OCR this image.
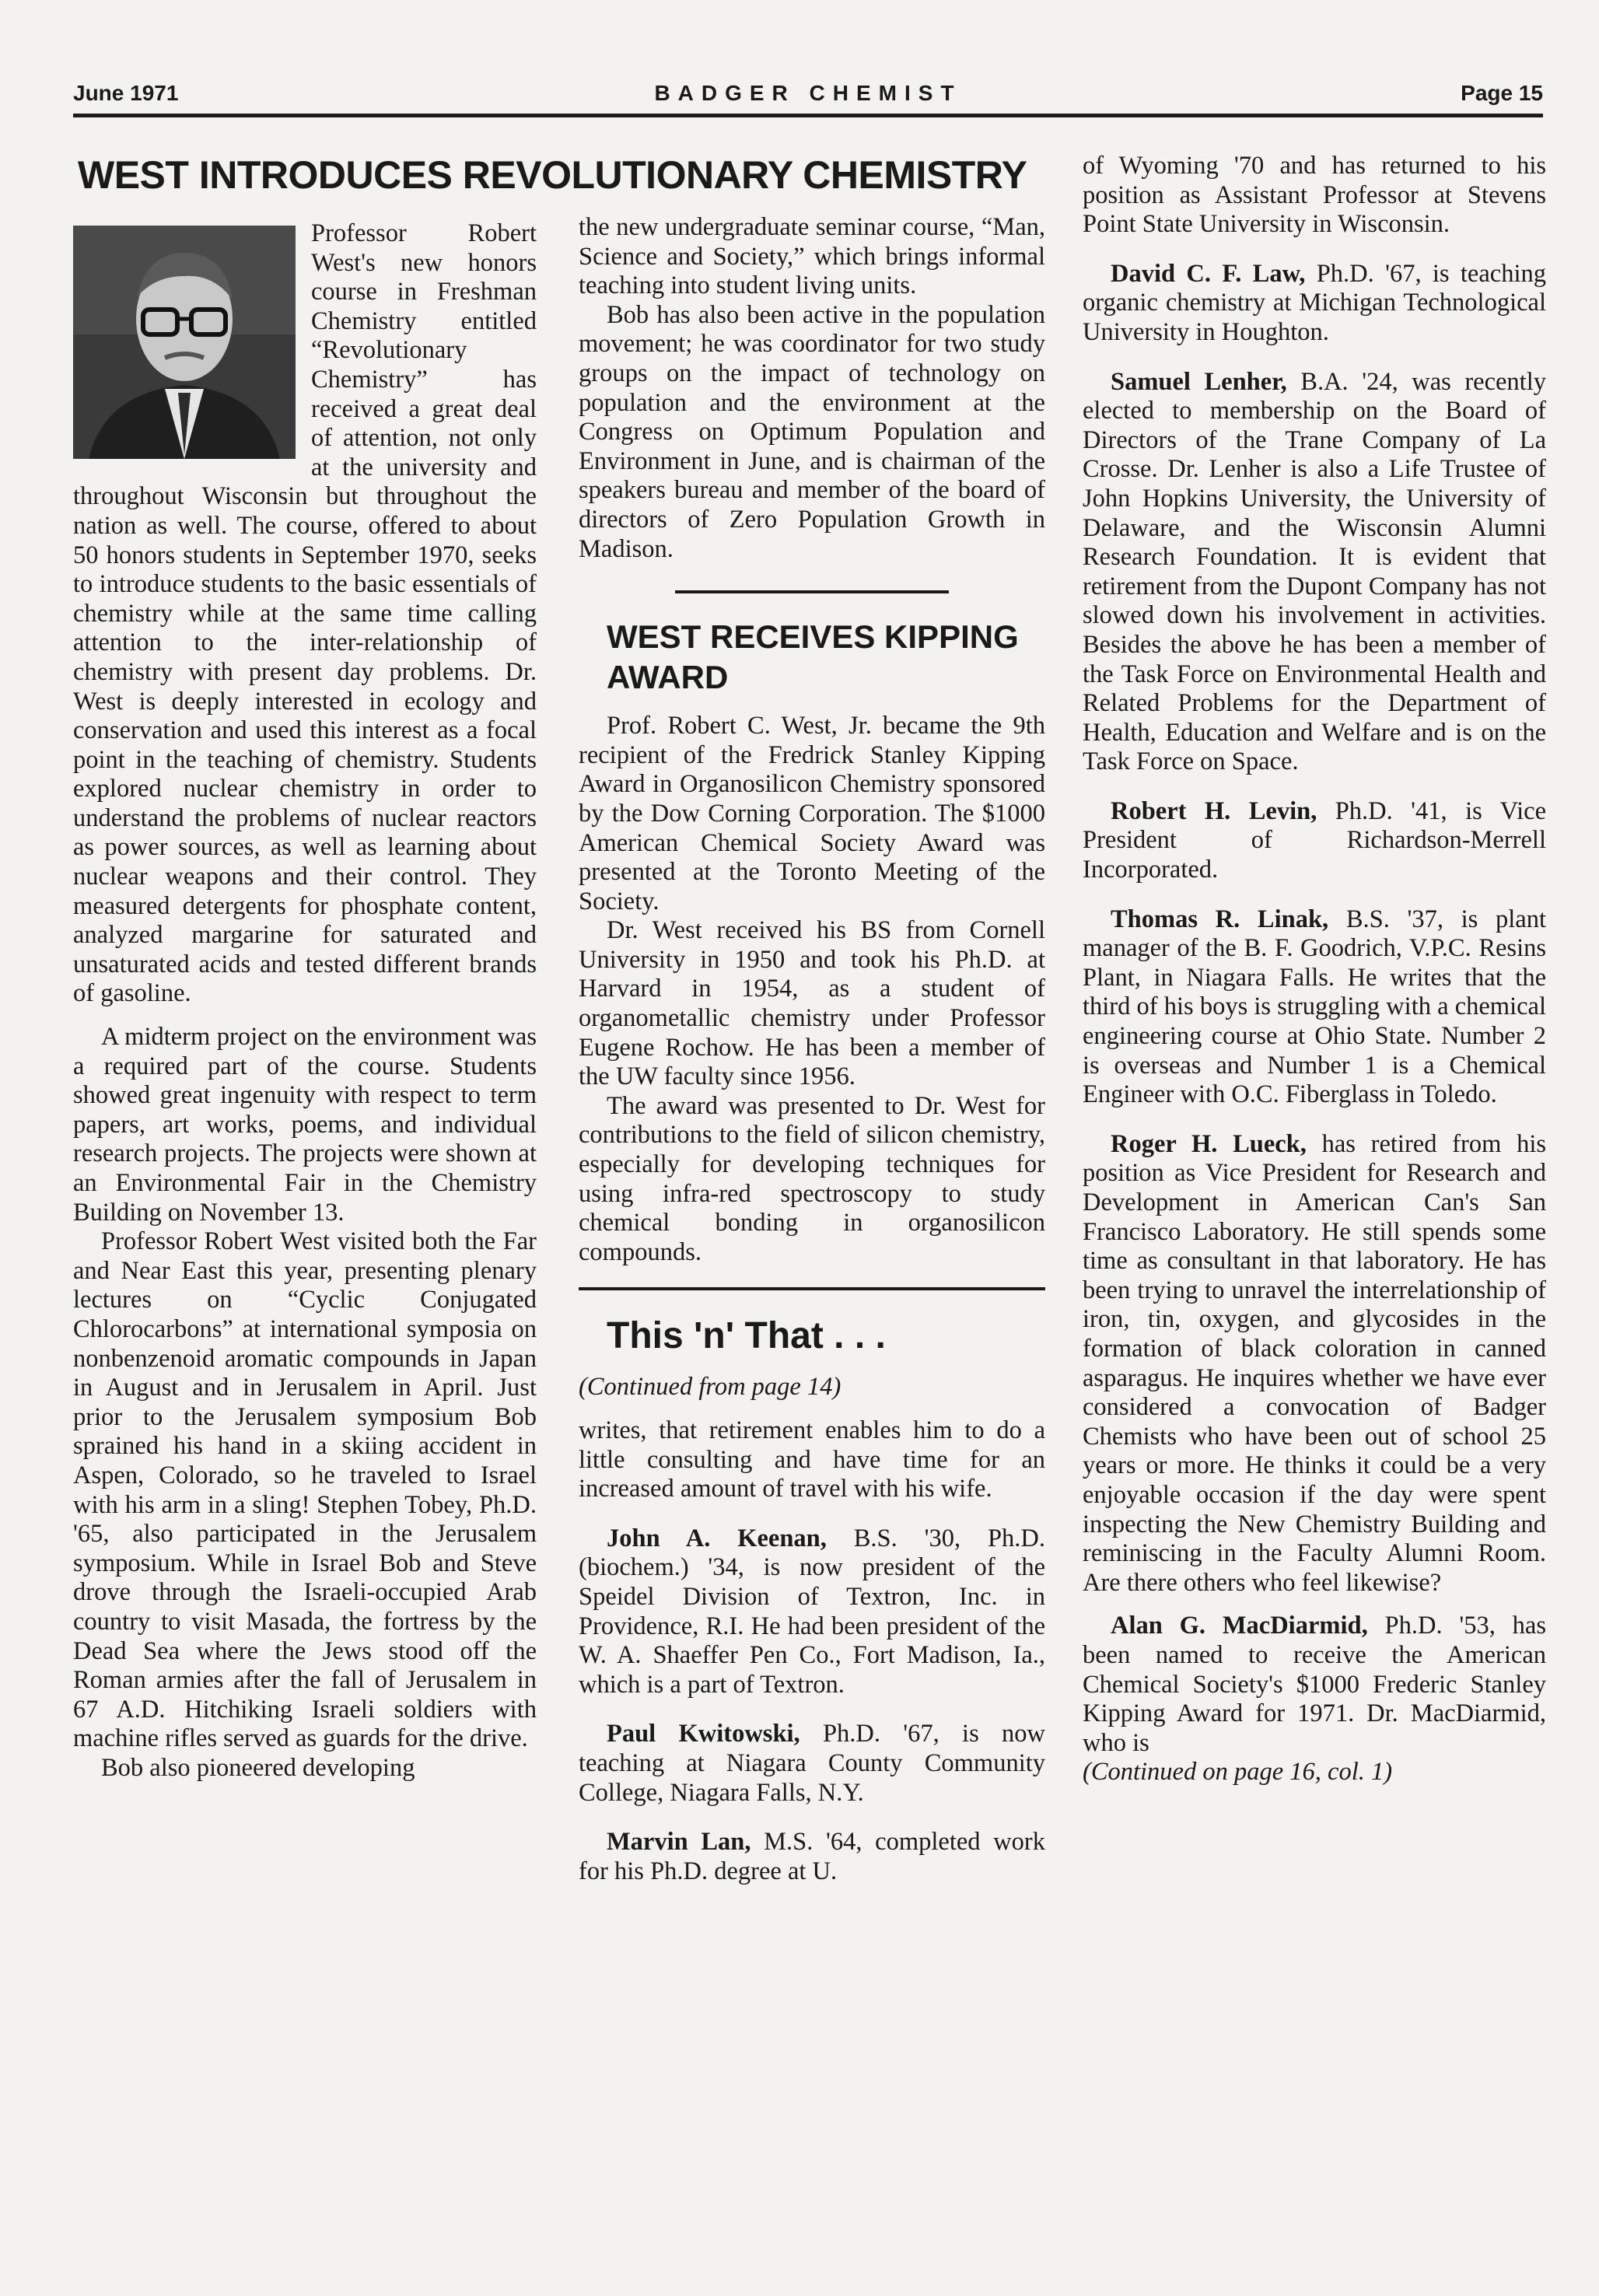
June 1971	BADGER CHEMIST	Page 15
WEST INTRODUCES REVOLUTIONARY CHEMISTRY

Professor Robert West's new honors course in Freshman Chemistry entitled “Revolutionary Chemistry” has received a great deal of attention, not only at the university and throughout Wisconsin but throughout the nation as well. The course, offered to about 50 honors students in September 1970, seeks to introduce students to the basic essentials of chemistry while at the same time calling attention to the inter-relationship of chemistry with present day problems. Dr. West is deeply interested in ecology and conservation and used this interest as a focal point in the teaching of chemistry. Students explored nuclear chemistry in order to understand the problems of nuclear reactors as power sources, as well as learning about nuclear weapons and their control. They measured detergents for phosphate content, analyzed margarine for saturated and unsaturated acids and tested different brands of gasoline.

A midterm project on the environment was a required part of the course. Students showed great ingenuity with respect to term papers, art works, poems, and individual research projects. The projects were shown at an Environmental Fair in the Chemistry Building on November 13.

Professor Robert West visited both the Far and Near East this year, presenting plenary lectures on “Cyclic Conjugated Chlorocarbons” at international symposia on nonbenzenoid aromatic compounds in Japan in August and in Jerusalem in April. Just prior to the Jerusalem symposium Bob sprained his hand in a skiing accident in Aspen, Colorado, so he traveled to Israel with his arm in a sling! Stephen Tobey, Ph.D. '65, also participated in the Jerusalem symposium. While in Israel Bob and Steve drove through the Israeli-occupied Arab country to visit Masada, the fortress by the Dead Sea where the Jews stood off the Roman armies after the fall of Jerusalem in 67 A.D. Hitchiking Israeli soldiers with machine rifles served as guards for the drive.

Bob also pioneered developing

the new undergraduate seminar course, “Man, Science and Society,” which brings informal teaching into student living units.

Bob has also been active in the population movement; he was coordinator for two study groups on the impact of technology on population and the environment at the Congress on Optimum Population and Environment in June, and is chairman of the speakers bureau and member of the board of directors of Zero Population Growth in Madison.

WEST RECEIVES KIPPING

AWARD

Prof. Robert C. West, Jr. became the 9th recipient of the Fredrick Stanley Kipping Award in Organosilicon Chemistry sponsored by the Dow Corning Corporation. The $1000 American Chemical Society Award was presented at the Toronto Meeting of the Society.

Dr. West received his BS from Cornell University in 1950 and took his Ph.D. at Harvard in 1954, as a student of organometallic chemistry under Professor Eugene Rochow. He has been a member of the UW faculty since 1956.

The award was presented to Dr. West for contributions to the field of silicon chemistry, especially for developing techniques for using infra-red spectroscopy to study chemical bonding in organosilicon compounds.

This 'n' That . . .

(Continued from page 14)

writes, that retirement enables him to do a little consulting and have time for an increased amount of travel with his wife.

John A. Keenan, B.S. '30, Ph.D. (biochem.) '34, is now president of the Speidel Division of Textron, Inc. in Providence, R.I. He had been president of the W. A. Shaeffer Pen Co., Fort Madison, Ia., which is a part of Textron.

Paul Kwitowski, Ph.D. '67, is now teaching at Niagara County Community College, Niagara Falls, N.Y.

Marvin Lan, M.S. '64, completed work for his Ph.D. degree at U.

of Wyoming '70 and has returned to his position as Assistant Professor at Stevens Point State University in Wisconsin.

David C. F. Law, Ph.D. '67, is teaching organic chemistry at Michigan Technological University in Houghton.

Samuel Lenher, B.A. '24, was recently elected to membership on the Board of Directors of the Trane Company of La Crosse. Dr. Lenher is also a Life Trustee of John Hopkins University, the University of Delaware, and the Wisconsin Alumni Research Foundation. It is evident that retirement from the Dupont Company has not slowed down his involvement in activities. Besides the above he has been a member of the Task Force on Environmental Health and Related Problems for the Department of Health, Education and Welfare and is on the Task Force on Space.

Robert H. Levin, Ph.D. '41, is Vice President of Richardson-Merrell Incorporated.

Thomas R. Linak, B.S. '37, is plant manager of the B. F. Goodrich, V.P.C. Resins Plant, in Niagara Falls. He writes that the third of his boys is struggling with a chemical engineering course at Ohio State. Number 2 is overseas and Number 1 is a Chemical Engineer with O.C. Fiberglass in Toledo.

Roger H. Lueck, has retired from his position as Vice President for Research and Development in American Can's San Francisco Laboratory. He still spends some time as consultant in that laboratory. He has been trying to unravel the interrelationship of iron, tin, oxygen, and glycosides in the formation of black coloration in canned asparagus. He inquires whether we have ever considered a convocation of Badger Chemists who have been out of school 25 years or more. He thinks it could be a very enjoyable occasion if the day were spent inspecting the New Chemistry Building and reminiscing in the Faculty Alumni Room. Are there others who feel likewise?

Alan G. MacDiarmid, Ph.D. '53, has been named to receive the American Chemical Society's $1000 Frederic Stanley Kipping Award for 1971. Dr. MacDiarmid, who is

(Continued on page 16, col. 1)
